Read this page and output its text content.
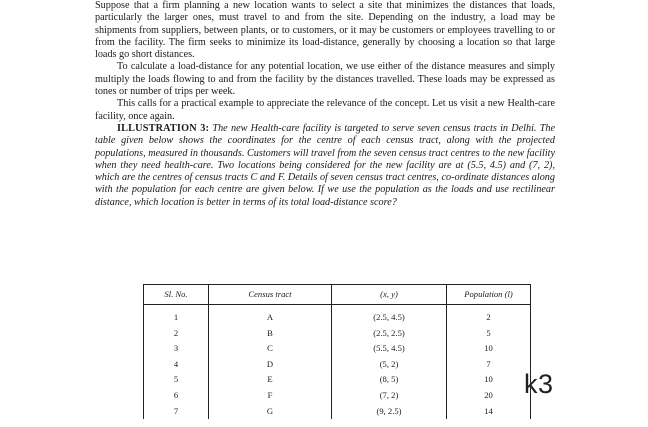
Suppose that a firm planning a new location wants to select a site that minimizes the distances that loads, particularly the larger ones, must travel to and from the site. Depending on the industry, a load may be shipments from suppliers, between plants, or to customers, or it may be customers or employees travelling to or from the facility. The firm seeks to minimize its load-distance, generally by choosing a location so that large loads go short distances.

To calculate a load-distance for any potential location, we use either of the distance measures and simply multiply the loads flowing to and from the facility by the distances travelled. These loads may be expressed as tones or number of trips per week.

This calls for a practical example to appreciate the relevance of the concept. Let us visit a new Health-care facility, once again.

ILLUSTRATION 3: The new Health-care facility is targeted to serve seven census tracts in Delhi. The table given below shows the coordinates for the centre of each census tract, along with the projected populations, measured in thousands. Customers will travel from the seven census tract centres to the new facility when they need health-care. Two locations being considered for the new facility are at (5.5, 4.5) and (7, 2), which are the centres of census tracts C and F. Details of seven census tract centres, co-ordinate distances along with the population for each centre are given below. If we use the population as the loads and use rectilinear distance, which location is better in terms of its total load-distance score?

Sl. No.	Census tract	(x, y)	Population (l)
1	A	(2.5, 4.5)	2
2	B	(2.5, 2.5)	5
3	C	(5.5, 4.5)	10
4	D	(5, 2)	7
5	E	(8, 5)	10
6	F	(7, 2)	20
7	G	(9, 2.5)	14
k3
